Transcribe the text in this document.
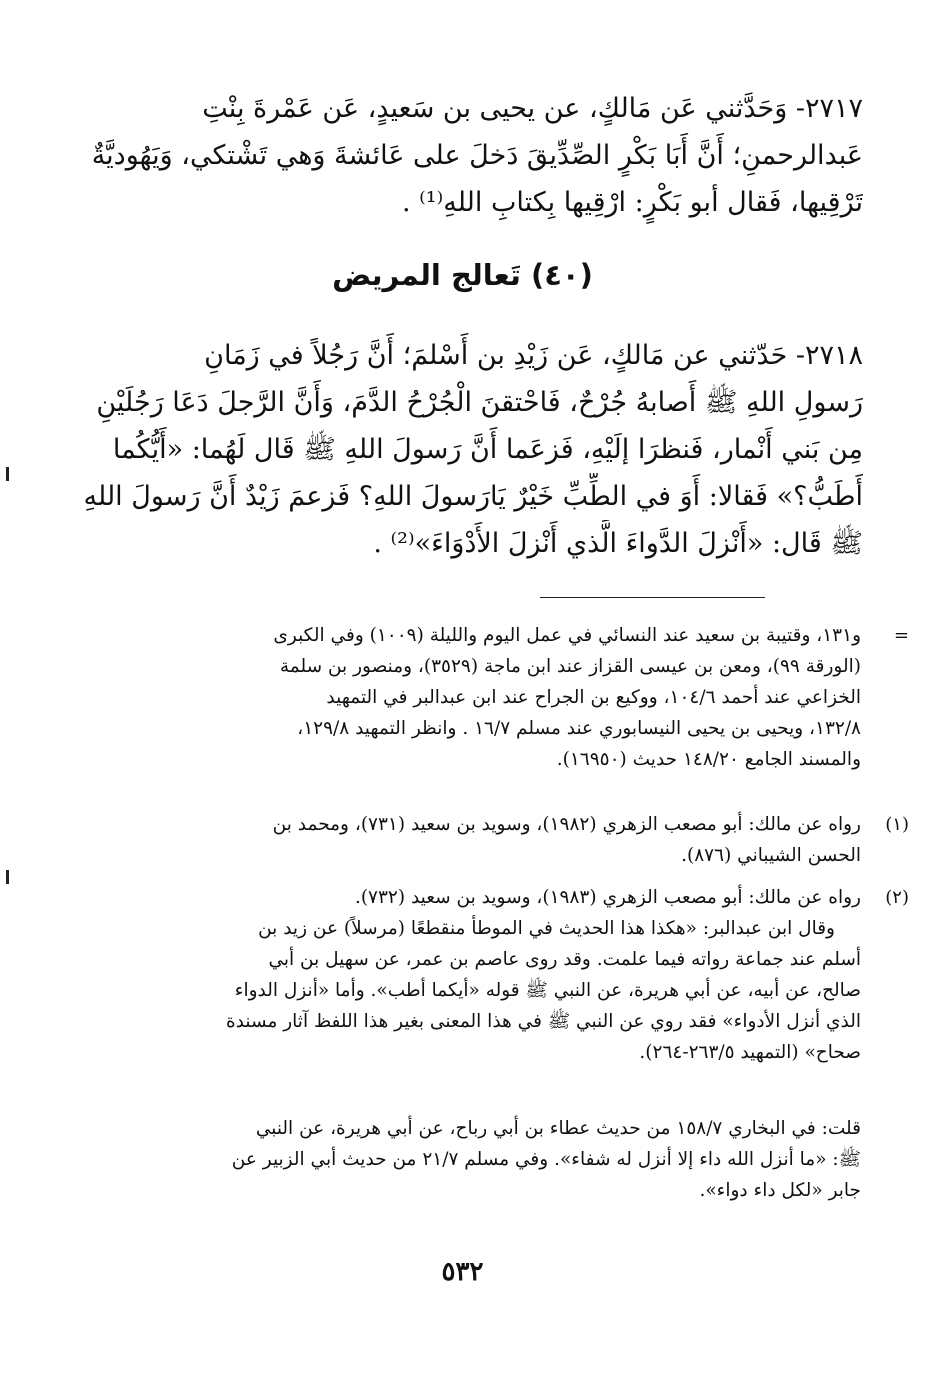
٢٧١٧- وَحَدَّثني عَن مَالكٍ، عن يحيى بن سَعيدٍ، عَن عَمْرةَ بِنْتِ
عَبدالرحمنِ؛ أَنَّ أَبَا بَكْرٍ الصِّدِّيقَ دَخلَ على عَائشةَ وَهي تَشْتكي، وَيَهُوديَّةٌ
تَرْقِيها، فَقال أبو بَكْرٍ: ارْقِيها بِكتابِ اللهِ⁽¹⁾ .
(٤٠) تَعالج المريض
٢٧١٨- حَدّثني عن مَالكٍ، عَن زَيْدِ بن أَسْلمَ؛ أَنَّ رَجُلاً في زَمَانِ
رَسولِ اللهِ ﷺ أَصابهُ جُرْحٌ، فَاحْتقنَ الْجُرْحُ الدَّمَ، وَأَنَّ الرَّجلَ دَعَا رَجُلَيْنِ
مِن بَني أَنْمار، فَنظرَا إلَيْهِ، فَزعَما أَنَّ رَسولَ اللهِ ﷺ قَال لَهُما: «أَيُّكُما
أَطَبُّ؟» فَقالا: أَوَ في الطِّبِّ خَيْرٌ يَارَسولَ اللهِ؟ فَزعمَ زَيْدٌ أَنَّ رَسولَ اللهِ
ﷺ قَال: «أَنْزلَ الدَّواءَ الَّذي أَنْزلَ الأَدْوَاءَ»⁽²⁾ .
=
و١٣١، وقتيبة بن سعيد عند النسائي في عمل اليوم والليلة (١٠٠٩) وفي الكبرى
(الورقة ٩٩)، ومعن بن عيسى القزاز عند ابن ماجة (٣٥٢٩)، ومنصور بن سلمة
الخزاعي عند أحمد ١٠٤/٦، ووكيع بن الجراح عند ابن عبدالبر في التمهيد
١٣٢/٨، ويحيى بن يحيى النيسابوري عند مسلم ١٦/٧ . وانظر التمهيد ١٢٩/٨،
والمسند الجامع ١٤٨/٢٠ حديث (١٦٩٥٠).
(١)
رواه عن مالك: أبو مصعب الزهري (١٩٨٢)، وسويد بن سعيد (٧٣١)، ومحمد بن
الحسن الشيباني (٨٧٦).
(٢)
رواه عن مالك: أبو مصعب الزهري (١٩٨٣)، وسويد بن سعيد (٧٣٢).
وقال ابن عبدالبر: «هكذا هذا الحديث في الموطأ منقطعًا (مرسلاً) عن زيد بن
أسلم عند جماعة رواته فيما علمت. وقد روى عاصم بن عمر، عن سهيل بن أبي
صالح، عن أبيه، عن أبي هريرة، عن النبي ﷺ قوله «أيكما أطب». وأما «أنزل الدواء
الذي أنزل الأدواء» فقد روي عن النبي ﷺ في هذا المعنى بغير هذا اللفظ آثار مسندة
صحاح» (التمهيد ٢٦٣/٥-٢٦٤).
قلت: في البخاري ١٥٨/٧ من حديث عطاء بن أبي رباح، عن أبي هريرة، عن النبي
ﷺ: «ما أنزل الله داء إلا أنزل له شفاء». وفي مسلم ٢١/٧ من حديث أبي الزبير عن
جابر «لكل داء دواء».
٥٣٢
